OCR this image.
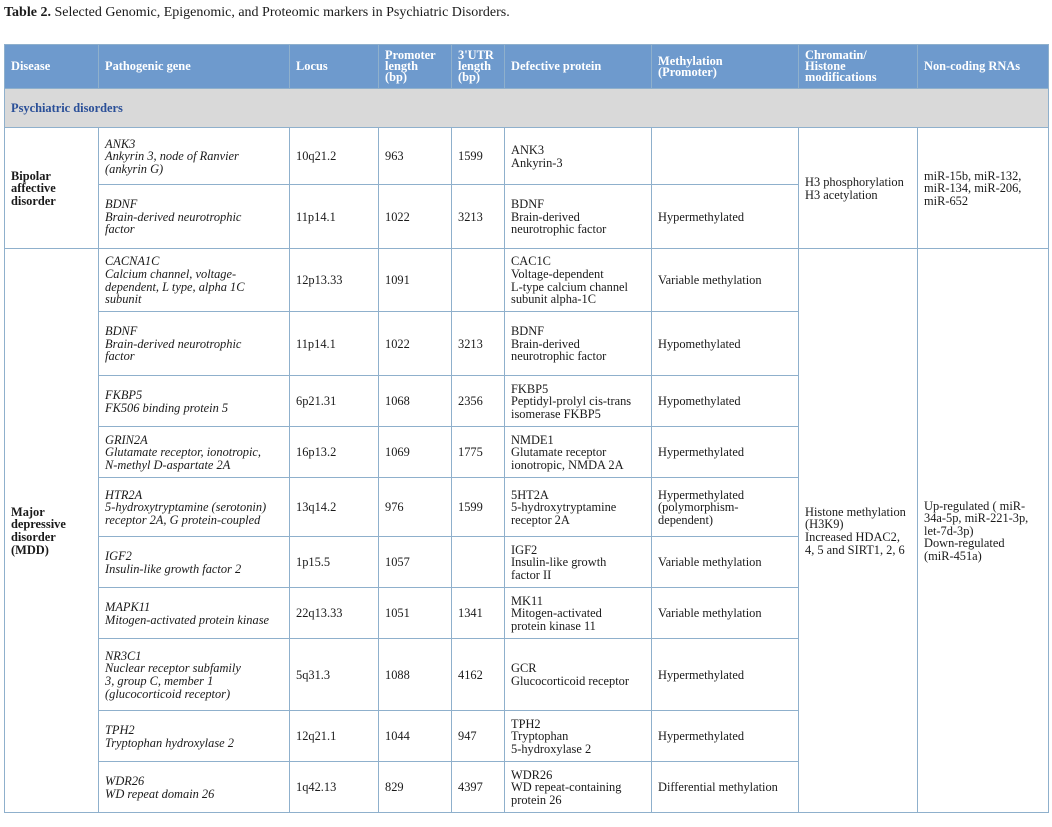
Table 2. Selected Genomic, Epigenomic, and Proteomic markers in Psychiatric Disorders.
Disease	Pathogenic gene	Locus	Promoter
length
(bp)	3'UTR
length
(bp)	Defective protein	Methylation
(Promoter)	Chromatin/
Histone
modifications	Non-coding RNAs
Psychiatric disorders								

Bipolar
affective
disorder	ANK3
Ankyrin 3, node of Ranvier
(ankyrin G)	10q21.2	963	1599	ANK3
Ankyrin-3		H3 phosphorylation
H3 acetylation	miR-15b, miR-132,
miR-134, miR-206,
miR-652

	BDNF
Brain-derived neurotrophic
factor	11p14.1	1022	3213	BDNF
Brain-derived
neurotrophic factor	Hypermethylated		

Major
depressive
disorder
(MDD)	CACNA1C
Calcium channel, voltage-
dependent, L type, alpha 1C
subunit	12p13.33	1091		CAC1C
Voltage-dependent
L-type calcium channel
subunit alpha-1C	Variable methylation	Histone methylation
(H3K9)
Increased HDAC2,
4, 5 and SIRT1, 2, 6	Up-regulated ( miR-
34a-5p, miR-221-3p,
let-7d-3p)
Down-regulated
(miR-451a)

	BDNF
Brain-derived neurotrophic
factor	11p14.1	1022	3213	BDNF
Brain-derived
neurotrophic factor	Hypomethylated		

	FKBP5
FK506 binding protein 5	6p21.31	1068	2356	FKBP5
Peptidyl-prolyl cis-trans
isomerase FKBP5	Hypomethylated		

	GRIN2A
Glutamate receptor, ionotropic,
N-methyl D-aspartate 2A	16p13.2	1069	1775	NMDE1
Glutamate receptor
ionotropic, NMDA 2A	Hypermethylated		

	HTR2A
5-hydroxytryptamine (serotonin)
receptor 2A, G protein-coupled	13q14.2	976	1599	5HT2A
5-hydroxytryptamine
receptor 2A	Hypermethylated
(polymorphism-
dependent)		

	IGF2
Insulin-like growth factor 2	1p15.5	1057		IGF2
Insulin-like growth
factor II	Variable methylation		

	MAPK11
Mitogen-activated protein kinase	22q13.33	1051	1341	MK11
Mitogen-activated
protein kinase 11	Variable methylation		

	NR3C1
Nuclear receptor subfamily
3, group C, member 1
(glucocorticoid receptor)	5q31.3	1088	4162	GCR
Glucocorticoid receptor	Hypermethylated		

	TPH2
Tryptophan hydroxylase 2	12q21.1	1044	947	TPH2
Tryptophan
5-hydroxylase 2	Hypermethylated		

	WDR26
WD repeat domain 26	1q42.13	829	4397	WDR26
WD repeat-containing
protein 26	Differential methylation		
